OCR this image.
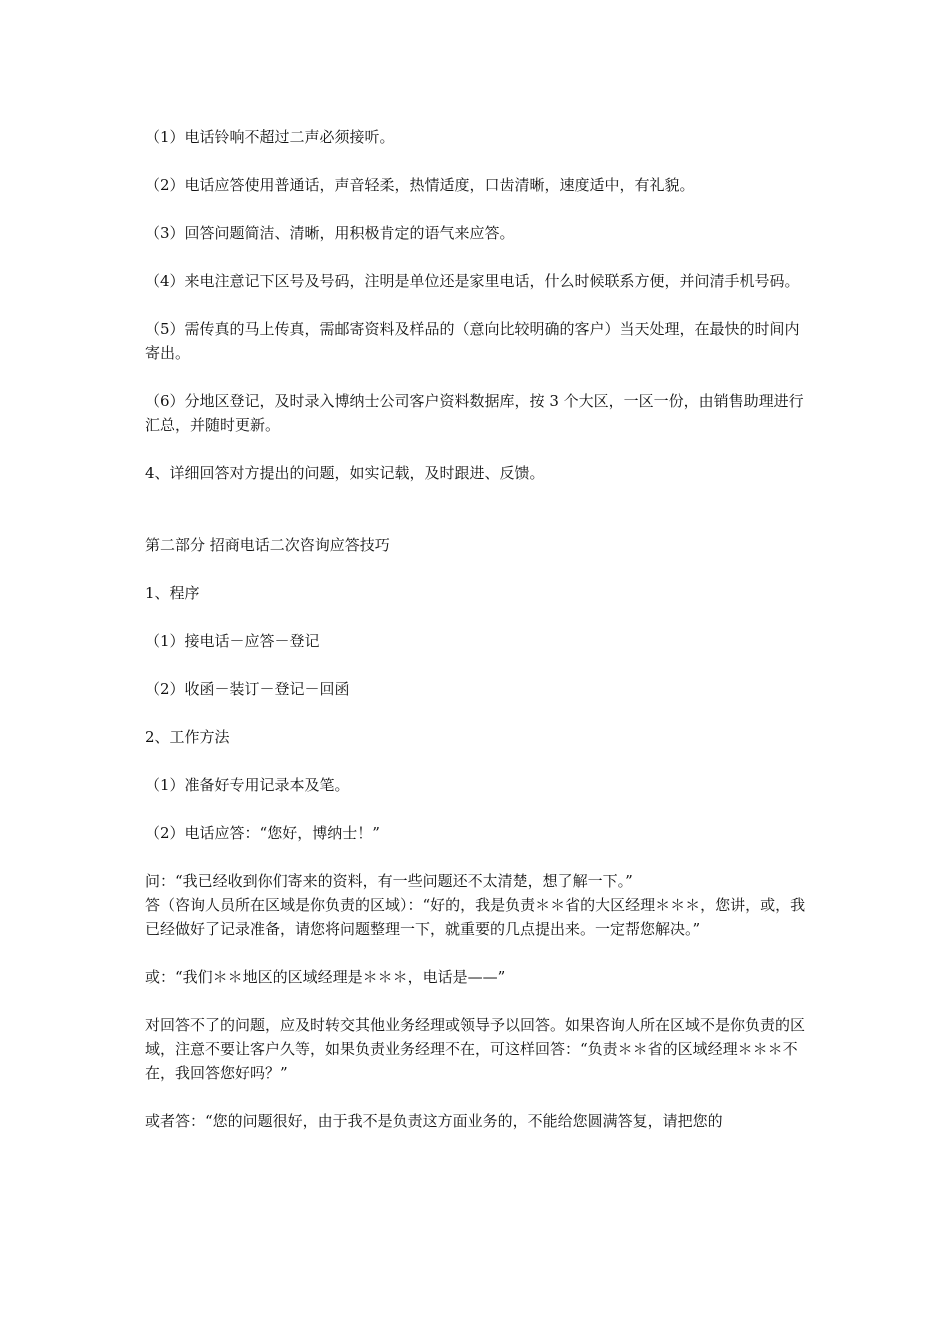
（1）电话铃响不超过二声必须接听。

（2）电话应答使用普通话，声音轻柔，热情适度，口齿清晰，速度适中，有礼貌。

（3）回答问题简洁、清晰，用积极肯定的语气来应答。

（4）来电注意记下区号及号码，注明是单位还是家里电话，什么时候联系方便，并问清手机号码。

（5）需传真的马上传真，需邮寄资料及样品的（意向比较明确的客户）当天处理，在最快的时间内寄出。

（6）分地区登记，及时录入博纳士公司客户资料数据库，按 3 个大区，一区一份，由销售助理进行汇总，并随时更新。

4、详细回答对方提出的问题，如实记载，及时跟进、反馈。

第二部分 招商电话二次咨询应答技巧

1、程序

（1）接电话－应答－登记

（2）收函－装订－登记－回函

2、工作方法

（1）准备好专用记录本及笔。

（2）电话应答：“您好，博纳士！”

问：“我已经收到你们寄来的资料，有一些问题还不太清楚，想了解一下。”

答（咨询人员所在区域是你负责的区域）：“好的，我是负责＊＊省的大区经理＊＊＊，您讲，或，我已经做好了记录准备，请您将问题整理一下，就重要的几点提出来。一定帮您解决。”

或：“我们＊＊地区的区域经理是＊＊＊，电话是——”

对回答不了的问题，应及时转交其他业务经理或领导予以回答。如果咨询人所在区域不是你负责的区域，注意不要让客户久等，如果负责业务经理不在，可这样回答：“负责＊＊省的区域经理＊＊＊不在，我回答您好吗？”

或者答：“您的问题很好，由于我不是负责这方面业务的，不能给您圆满答复，请把您的
